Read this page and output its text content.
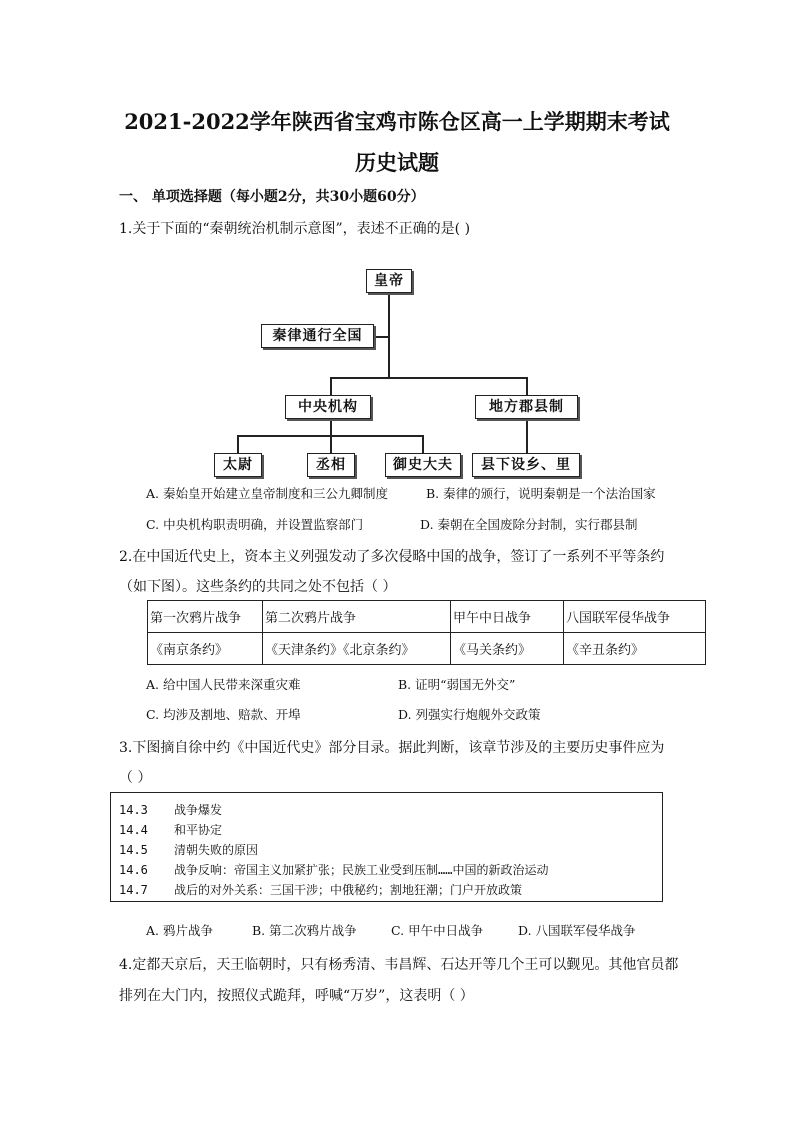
2021-2022学年陕西省宝鸡市陈仓区高一上学期期末考试
历史试题
一、 单项选择题（每小题2分，共30小题60分）
1.关于下面的“秦朝统治机制示意图”，表述不正确的是( )
皇帝
秦律通行全国
中央机构	地方郡县制
太尉	丞相	御史大夫	县下设乡、里
A. 秦始皇开始建立皇帝制度和三公九卿制度	B. 秦律的颁行，说明秦朝是一个法治国家
C. 中央机构职责明确，并设置监察部门	D. 秦朝在全国废除分封制，实行郡县制
2.在中国近代史上，资本主义列强发动了多次侵略中国的战争，签订了一系列不平等条约
（如下图）。这些条约的共同之处不包括（ ）
第一次鸦片战争	第二次鸦片战争	甲午中日战争	八国联军侵华战争
《南京条约》	《天津条约》《北京条约》	《马关条约》	《辛丑条约》
A. 给中国人民带来深重灾难	B. 证明“弱国无外交”
C. 均涉及割地、赔款、开埠	D. 列强实行炮舰外交政策
3.下图摘自徐中约《中国近代史》部分目录。据此判断，该章节涉及的主要历史事件应为
（ ）
14.3 战争爆发
14.4 和平协定
14.5 清朝失败的原因
14.6 战争反响：帝国主义加紧扩张；民族工业受到压制……中国的新政治运动
14.7 战后的对外关系：三国干涉；中俄秘约；割地狂潮；门户开放政策
A. 鸦片战争	B. 第二次鸦片战争	C. 甲午中日战争	D. 八国联军侵华战争
4.定都天京后，天王临朝时，只有杨秀清、韦昌辉、石达开等几个王可以觐见。其他官员都
排列在大门内，按照仪式跪拜，呼喊“万岁”，这表明（ ）
